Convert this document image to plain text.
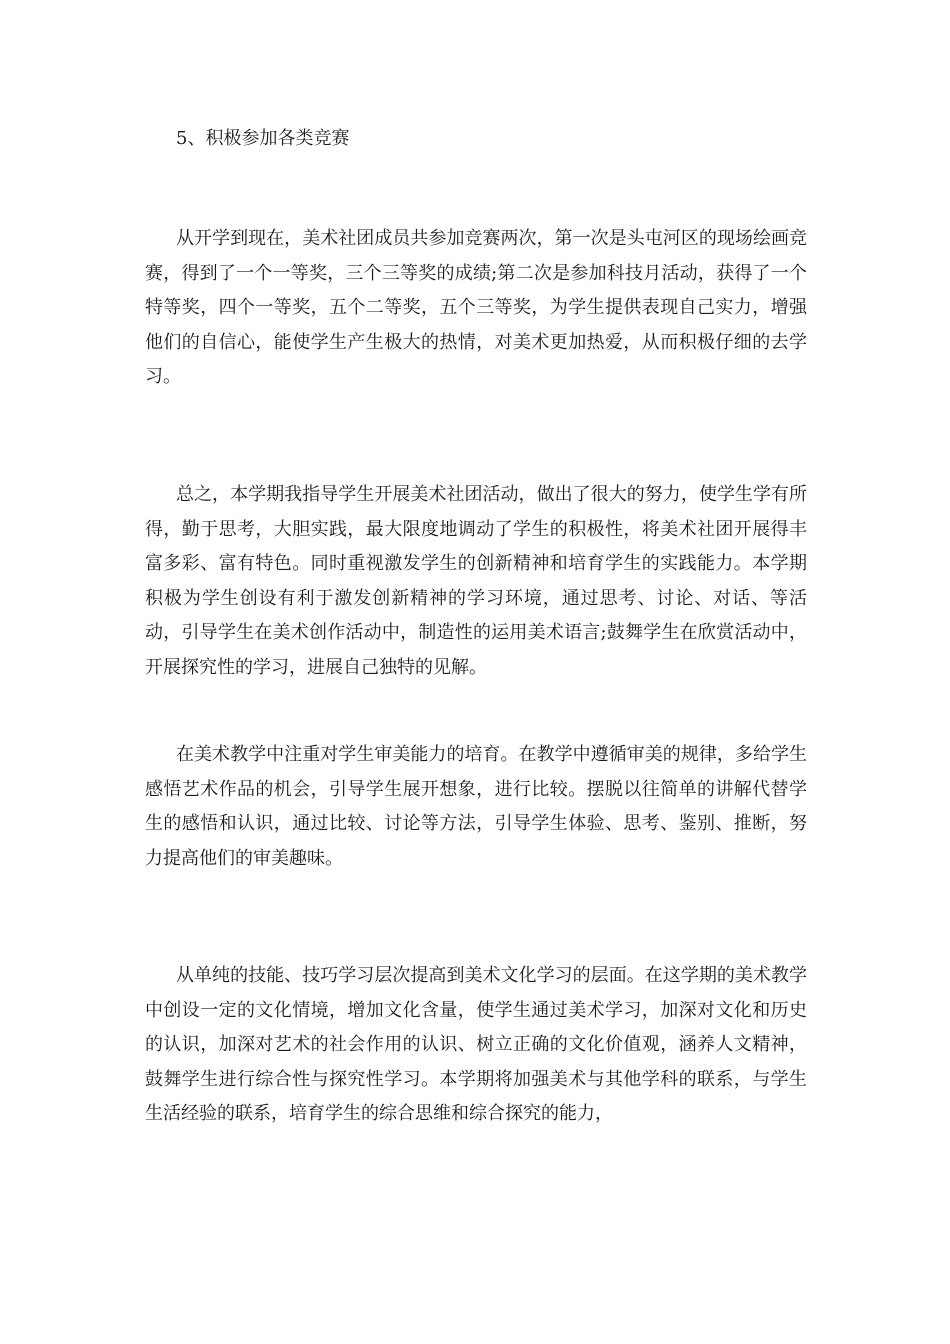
5、积极参加各类竞赛

从开学到现在，美术社团成员共参加竞赛两次，第一次是头屯河区的现场绘画竞赛，得到了一个一等奖，三个三等奖的成绩;第二次是参加科技月活动，获得了一个特等奖，四个一等奖，五个二等奖，五个三等奖，为学生提供表现自己实力，增强他们的自信心，能使学生产生极大的热情，对美术更加热爱，从而积极仔细的去学习。

总之，本学期我指导学生开展美术社团活动，做出了很大的努力，使学生学有所得，勤于思考，大胆实践，最大限度地调动了学生的积极性，将美术社团开展得丰富多彩、富有特色。同时重视激发学生的创新精神和培育学生的实践能力。本学期积极为学生创设有利于激发创新精神的学习环境，通过思考、讨论、对话、等活动，引导学生在美术创作活动中，制造性的运用美术语言;鼓舞学生在欣赏活动中，开展探究性的学习，进展自己独特的见解。

在美术教学中注重对学生审美能力的培育。在教学中遵循审美的规律，多给学生感悟艺术作品的机会，引导学生展开想象，进行比较。摆脱以往简单的讲解代替学生的感悟和认识，通过比较、讨论等方法，引导学生体验、思考、鉴别、推断，努力提高他们的审美趣味。

从单纯的技能、技巧学习层次提高到美术文化学习的层面。在这学期的美术教学中创设一定的文化情境，增加文化含量，使学生通过美术学习，加深对文化和历史的认识，加深对艺术的社会作用的认识、树立正确的文化价值观，涵养人文精神，鼓舞学生进行综合性与探究性学习。本学期将加强美术与其他学科的联系，与学生生活经验的联系，培育学生的综合思维和综合探究的能力，
